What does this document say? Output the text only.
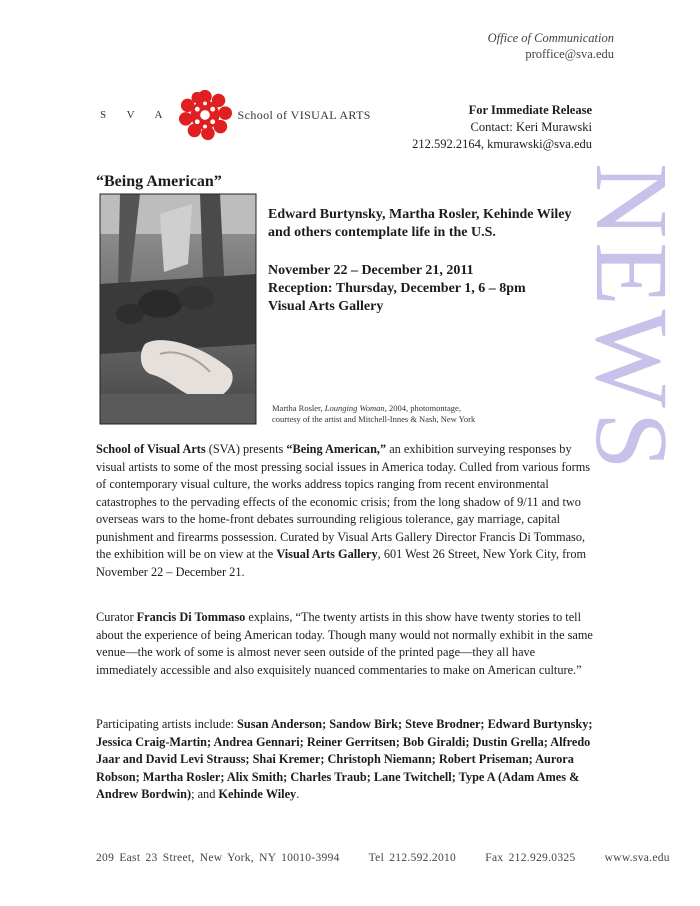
Office of Communication
proffice@sva.edu
S V A	School of VISUAL ARTS	For Immediate Release
Contact: Keri Murawski
212.592.2164, kmurawski@sva.edu
NEWS
“Being American”
Martha Rosler, Lounging Woman, 2004, photomontage,
courtesy of the artist and Mitchell-Innes & Nash, New York
Edward Burtynsky, Martha Rosler, Kehinde Wiley
and others contemplate life in the U.S.
November 22 – December 21, 2011
Reception: Thursday, December 1, 6 – 8pm
Visual Arts Gallery
School of Visual Arts (SVA) presents “Being American,” an exhibition surveying responses by visual artists to some of the most pressing social issues in America today. Culled from various forms of contemporary visual culture, the works address topics ranging from recent environmental catastrophes to the pervading effects of the economic crisis; from the long shadow of 9/11 and two overseas wars to the home-front debates surrounding religious tolerance, gay marriage, capital punishment and firearms possession. Curated by Visual Arts Gallery Director Francis Di Tommaso, the exhibition will be on view at the Visual Arts Gallery, 601 West 26 Street, New York City, from November 22 – December 21.
Curator Francis Di Tommaso explains, “The twenty artists in this show have twenty stories to tell about the experience of being American today. Though many would not normally exhibit in the same venue—the work of some is almost never seen outside of the printed page—they all have immediately accessible and also exquisitely nuanced commentaries to make on American culture.”
Participating artists include: Susan Anderson; Sandow Birk; Steve Brodner; Edward Burtynsky; Jessica Craig-Martin; Andrea Gennari; Reiner Gerritsen; Bob Giraldi; Dustin Grella; Alfredo Jaar and David Levi Strauss; Shai Kremer; Christoph Niemann; Robert Priseman; Aurora Robson; Martha Rosler; Alix Smith; Charles Traub; Lane Twitchell; Type A (Adam Ames & Andrew Bordwin); and Kehinde Wiley.
209 East 23 Street, New York, NY 10010-3994	Tel 212.592.2010	Fax 212.929.0325	www.sva.edu
